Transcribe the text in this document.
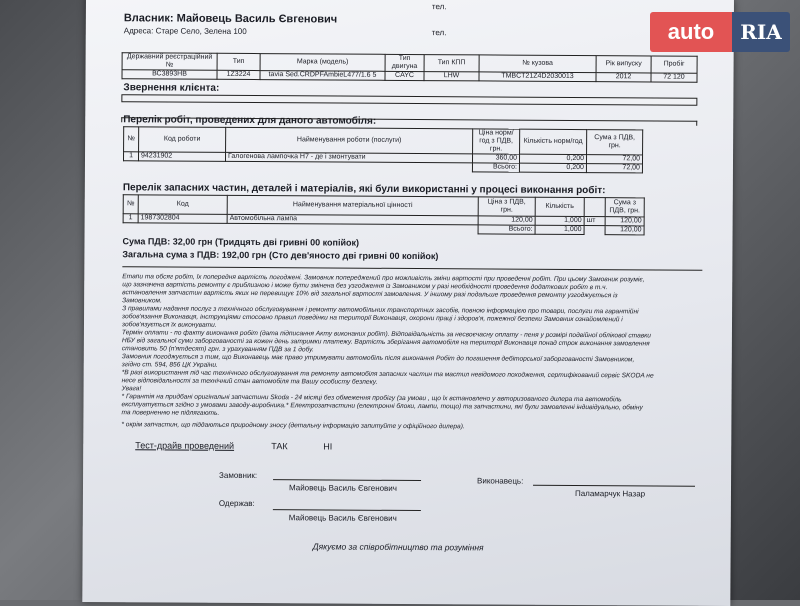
тел.
Власник: Майовець Василь Євгенович
Адреса: Старе Село, Зелена 100	тел.
Державний реєстраційний №	Тип	Марка (модель)	Тип двигуна	Тип КПП	№ кузова	Рік випуску	Пробіг
ВС3893НВ	1Z3224	tavia Sed.CRDPFAmbieL477/1.6 5	CAYC	LHW	TMBCT21Z4D2030013	2012	72 120
Звернення клієнта:
Перелік робіт, проведених для даного автомобіля:
№	Код роботи	Найменування роботи (послуги)	Ціна норм/год з ПДВ, грн.	Кількість норм/год	Сума з ПДВ, грн.
1	94231902	Галогенова лампочка Н7 - де і змонтувати	360,00	0,200	72,00
			Всього:	0,200	72,00
Перелік запасних частин, деталей і матеріалів, які були використанні у процесі виконання робіт:
№	Код	Найменування матеріальної цінності	Ціна з ПДВ, грн.	Кількість		Сума з ПДВ, грн.
1	1987302804	Автомобільна лампа	120,00	1,000	шт	120,00
			Всього:	1,000		120,00
Сума ПДВ: 32,00 грн (Тридцять дві гривні 00 копійок)
Загальна сума з ПДВ: 192,00 грн (Сто дев'яносто дві гривні 00 копійок)
Етапи та обсяг робіт, їх попередня вартість погоджені. Замовник попереджений про можливість зміни вартості при проведенні робіт. При цьому Замовник розуміє,
що зазначена вартість ремонту є приблизною і може бути змінена без узгодження із Замовником у разі необхідності проведення додаткових робіт в т.ч.
встановлення запчастин вартість яких не перевищує 10% від загальної вартості замовлення. У іншому разі подальше проведення ремонту узгоджується із
Замовником.
З правилами надання послуг з технічного обслуговування і ремонту автомобільних транспортних засобів, повною інформацією про товари, послуги та гарантійні
зобов'язання Виконавця, інструкціями стосовно правил поведінки на території Виконавця, охорони праці і здоров'я, пожежної безпеки Замовник ознайомлений і
зобов'язується їх виконувати.
Термін оплати - по факту виконання робіт (дата підписання Акту виконаних робіт). Відповідальність за несвоєчасну оплату - пеня у розмірі подвійної облікової ставки
НБУ від загальної суми заборгованості за кожен день затримки платежу. Вартість зберігання автомобіля на території Виконавця понад строк виконання замовлення
становить 50 (п'ятдесят) грн. з урахуванням ПДВ за 1 добу.
Замовник погоджується з тим, що Виконавець має право утримувати автомобіль після виконання Робіт до погашення дебіторської заборгованості Замовником,
згідно ст. 594, 856 ЦК України.
*В разі використання під час технічного обслуговування та ремонту автомобіля запасних частин та мастил невідомого походження, сертифікований сервіс SKODA не
несе відповідальності за технічний стан автомобіля та Вашу особисту безпеку.
Увага!
* Гарантія на придбані оригінальні запчастини Skoda - 24 місяці без обмеження пробігу (за умови , що їх встановлено у авторизованого дилера та автомобіль
експлуатується згідно з умовами заводу-виробника.* Електрозапчастини (електронні блоки, лампи, тощо) та запчастини, які були замовленні індивідуально, обміну
та поверненню не підлягають.
* окрім запчастин, що піддаються природному зносу (детальну інформацію запитуйте у офіційного дилера).
Тест-драйв проведений	ТАК	НІ
Замовник:
Майовець Василь Євгенович
Виконавець:
Паламарчук Назар
Одержав:
Майовець Василь Євгенович
Дякуємо за співробітництво та розуміння
auto	RIA
